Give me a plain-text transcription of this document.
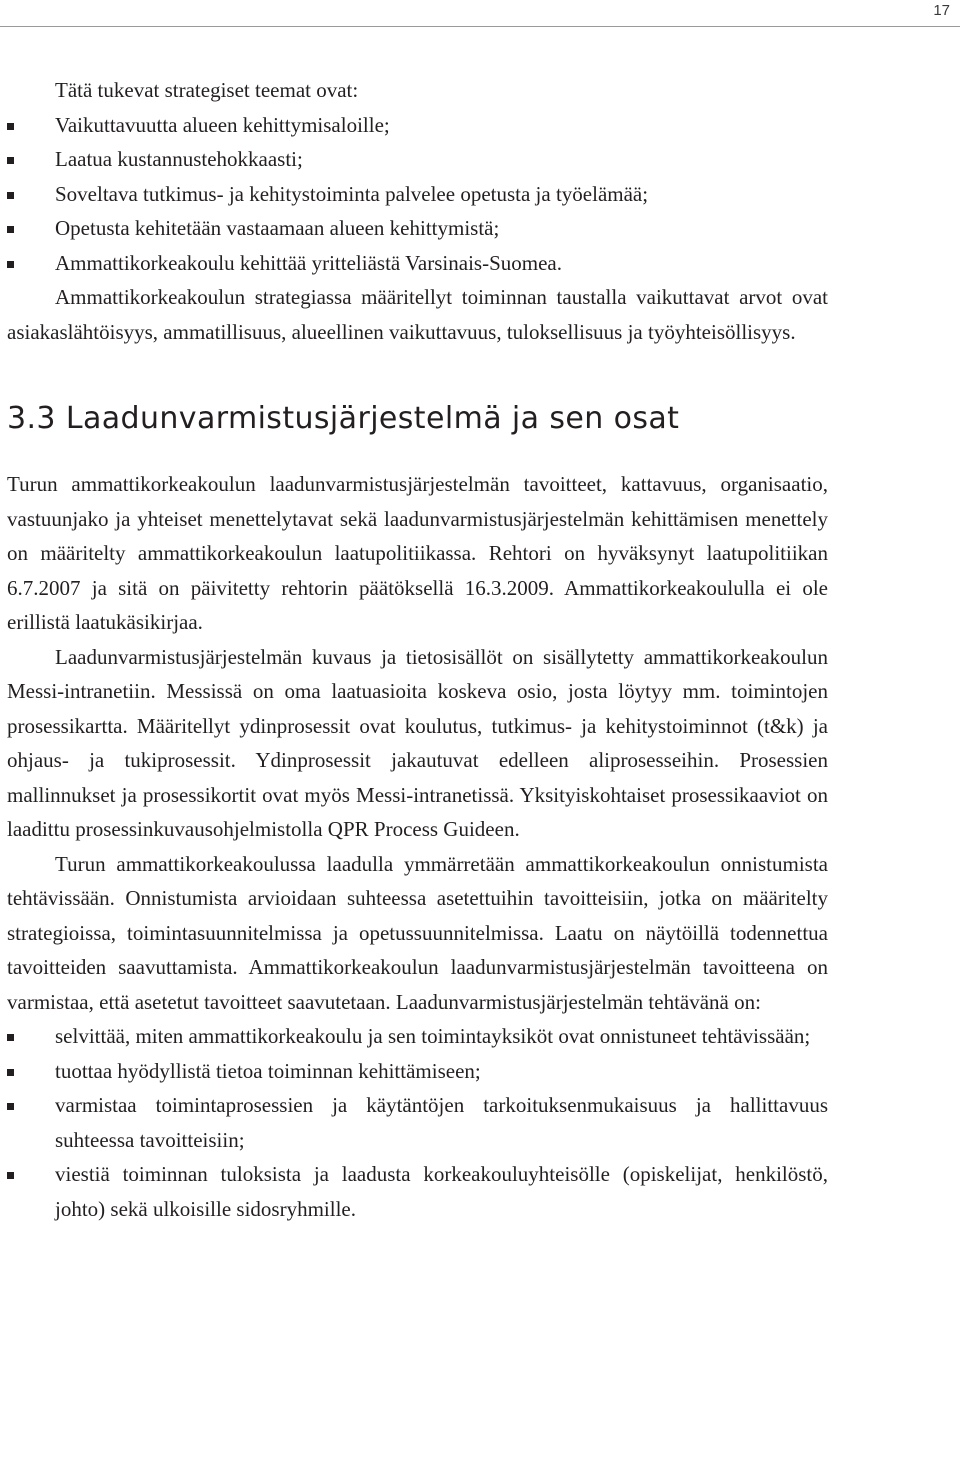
17

Tätä tukevat strategiset teemat ovat:

Vaikuttavuutta alueen kehittymisaloille;
Laatua kustannustehokkaasti;
Soveltava tutkimus- ja kehitystoiminta palvelee opetusta ja työelämää;
Opetusta kehitetään vastaamaan alueen kehittymistä;
Ammattikorkeakoulu kehittää yritteliästä Varsinais-Suomea.

Ammattikorkeakoulun strategiassa määritellyt toiminnan taustalla vaikuttavat arvot ovat asiakaslähtöisyys, ammatillisuus, alueellinen vaikuttavuus, tuloksellisuus ja työyhteisöllisyys.

3.3 Laadunvarmistusjärjestelmä ja sen osat

Turun ammattikorkeakoulun laadunvarmistusjärjestelmän tavoitteet, kattavuus, organisaatio, vastuunjako ja yhteiset menettelytavat sekä laadunvarmistusjärjestelmän kehittämisen menettely on määritelty ammattikorkeakoulun laatupolitiikassa. Rehtori on hyväksynyt laatupolitiikan 6.7.2007 ja sitä on päivitetty rehtorin päätöksellä 16.3.2009. Ammattikorkeakoululla ei ole erillistä laatukäsikirjaa.

Laadunvarmistusjärjestelmän kuvaus ja tietosisällöt on sisällytetty ammattikorkeakoulun Messi-intranetiin. Messissä on oma laatuasioita koskeva osio, josta löytyy mm. toimintojen prosessikartta. Määritellyt ydinprosessit ovat koulutus, tutkimus- ja kehitystoiminnot (t&k) ja ohjaus- ja tukiprosessit. Ydinprosessit jakautuvat edelleen aliprosesseihin. Prosessien mallinnukset ja prosessikortit ovat myös Messi-intranetissä. Yksityiskohtaiset prosessikaaviot on laadittu prosessinkuvausohjelmistolla QPR Process Guideen.

Turun ammattikorkeakoulussa laadulla ymmärretään ammattikorkeakoulun onnistumista tehtävissään. Onnistumista arvioidaan suhteessa asetettuihin tavoitteisiin, jotka on määritelty strategioissa, toimintasuunnitelmissa ja opetussuunnitelmissa. Laatu on näytöillä todennettua tavoitteiden saavuttamista. Ammattikorkeakoulun laadunvarmistusjärjestelmän tavoitteena on varmistaa, että asetetut tavoitteet saavutetaan. Laadunvarmistusjärjestelmän tehtävänä on:

selvittää, miten ammattikorkeakoulu ja sen toimintayksiköt ovat onnistuneet tehtävissään;
tuottaa hyödyllistä tietoa toiminnan kehittämiseen;
varmistaa toimintaprosessien ja käytäntöjen tarkoituksenmukaisuus ja hallittavuus suhteessa tavoitteisiin;
viestiä toiminnan tuloksista ja laadusta korkeakouluyhteisölle (opiskelijat, henkilöstö, johto) sekä ulkoisille sidosryhmille.
